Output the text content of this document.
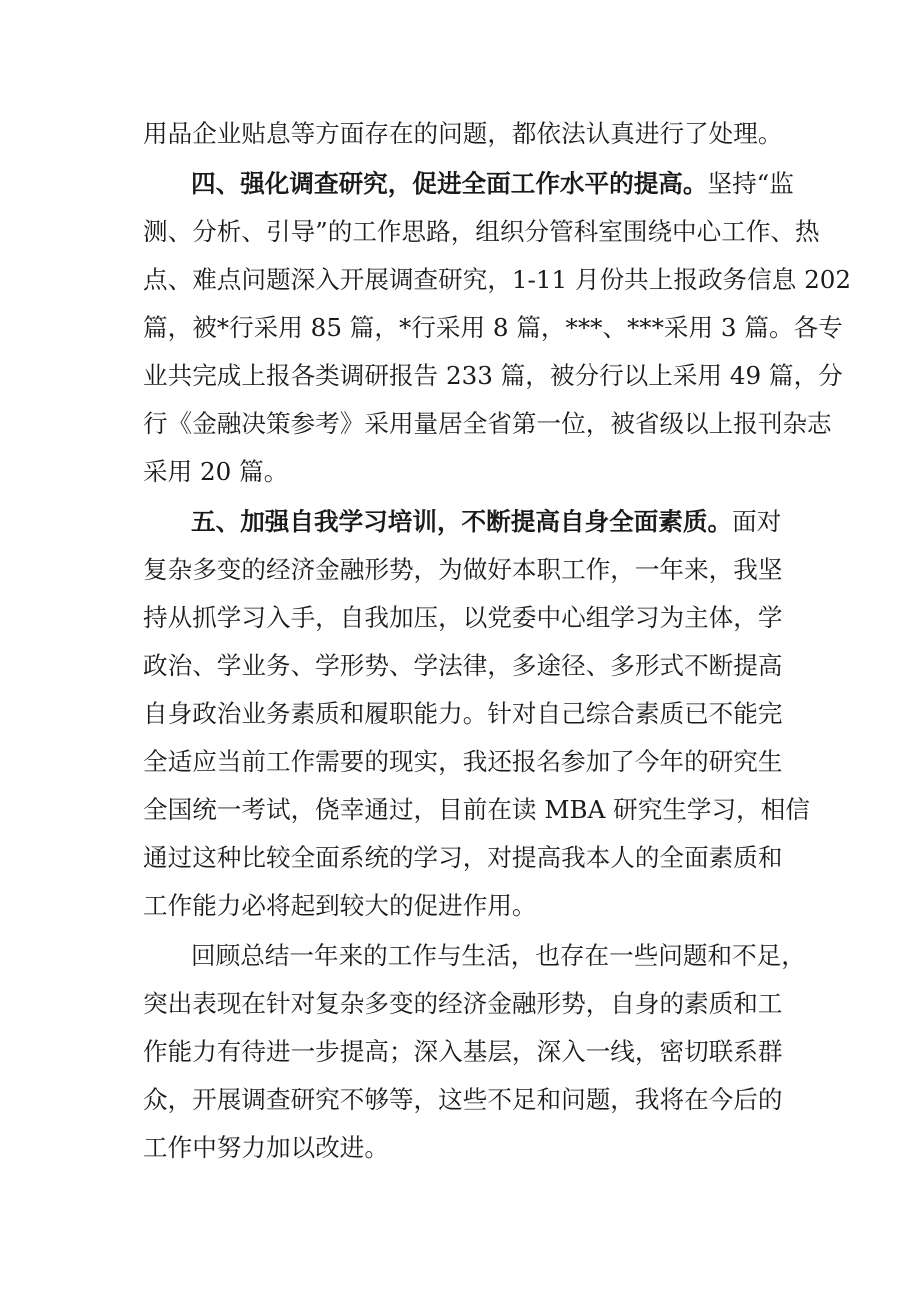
用品企业贴息等方面存在的问题，都依法认真进行了处理。
四、强化调查研究，促进全面工作水平的提高。坚持“监
测、分析、引导”的工作思路，组织分管科室围绕中心工作、热
点、难点问题深入开展调查研究，1-11 月份共上报政务信息 202
篇，被*行采用 85 篇，*行采用 8 篇，***、***采用 3 篇。各专
业共完成上报各类调研报告 233 篇，被分行以上采用 49 篇，分
行《金融决策参考》采用量居全省第一位，被省级以上报刊杂志
采用 20 篇。
五、加强自我学习培训，不断提高自身全面素质。面对
复杂多变的经济金融形势，为做好本职工作，一年来，我坚
持从抓学习入手，自我加压，以党委中心组学习为主体，学
政治、学业务、学形势、学法律，多途径、多形式不断提高
自身政治业务素质和履职能力。针对自己综合素质已不能完
全适应当前工作需要的现实，我还报名参加了今年的研究生
全国统一考试，侥幸通过，目前在读 MBA 研究生学习，相信
通过这种比较全面系统的学习，对提高我本人的全面素质和
工作能力必将起到较大的促进作用。
回顾总结一年来的工作与生活，也存在一些问题和不足，
突出表现在针对复杂多变的经济金融形势，自身的素质和工
作能力有待进一步提高；深入基层，深入一线，密切联系群
众，开展调查研究不够等，这些不足和问题，我将在今后的
工作中努力加以改进。
